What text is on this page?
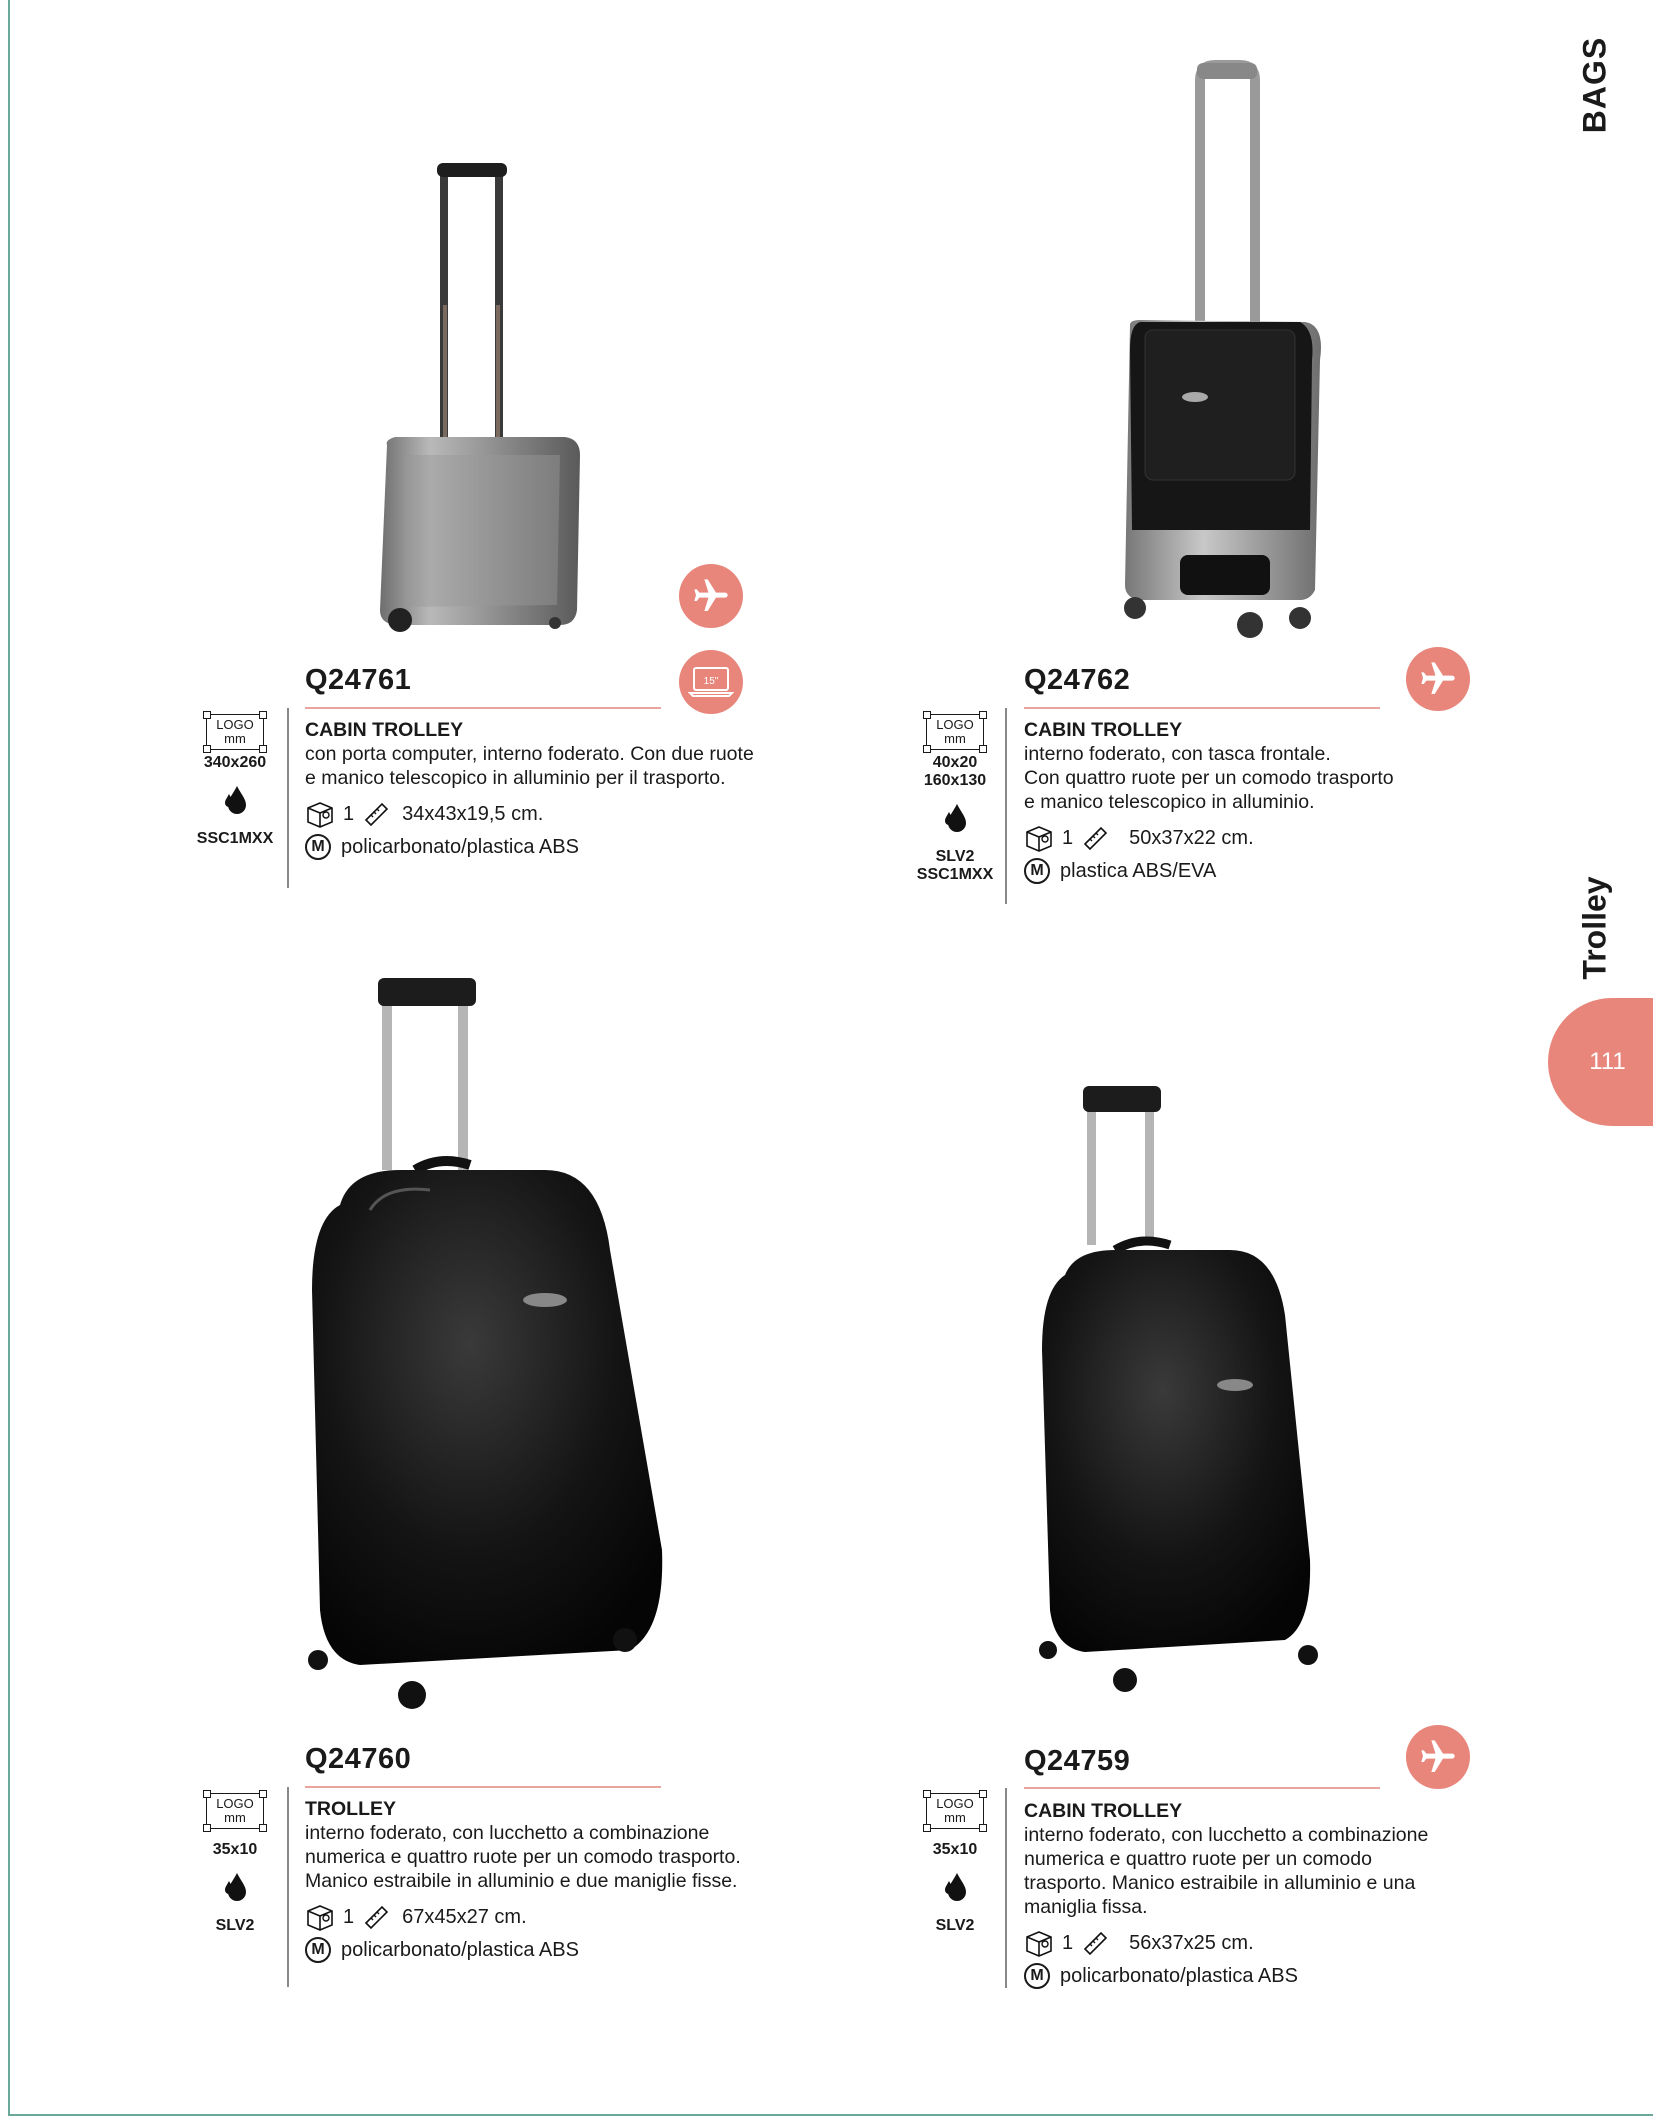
BAGS
Trolley
111
15"
Q24761
LOGO
mm
340x260
SSC1MXX
CABIN TROLLEY
con porta computer, interno foderato. Con due ruote
e manico telescopico in alluminio per il trasporto.
1 34x43x19,5 cm.
M policarbonato/plastica ABS
Q24762
LOGO
mm
40x20
160x130
SLV2
SSC1MXX
CABIN TROLLEY
interno foderato, con tasca frontale.
Con quattro ruote per un comodo trasporto
e manico telescopico in alluminio.
1	50x37x22 cm.
M plastica ABS/EVA
Q24760
LOGO
mm
35x10
SLV2
TROLLEY
interno foderato, con lucchetto a combinazione
numerica e quattro ruote per un comodo trasporto.
Manico estraibile in alluminio e due maniglie fisse.
1 67x45x27 cm.
M policarbonato/plastica ABS
Q24759
LOGO
mm
35x10
SLV2
CABIN TROLLEY
interno foderato, con lucchetto a combinazione
numerica e quattro ruote per un comodo
trasporto. Manico estraibile in alluminio e una
maniglia fissa.
1	56x37x25 cm.
M policarbonato/plastica ABS
